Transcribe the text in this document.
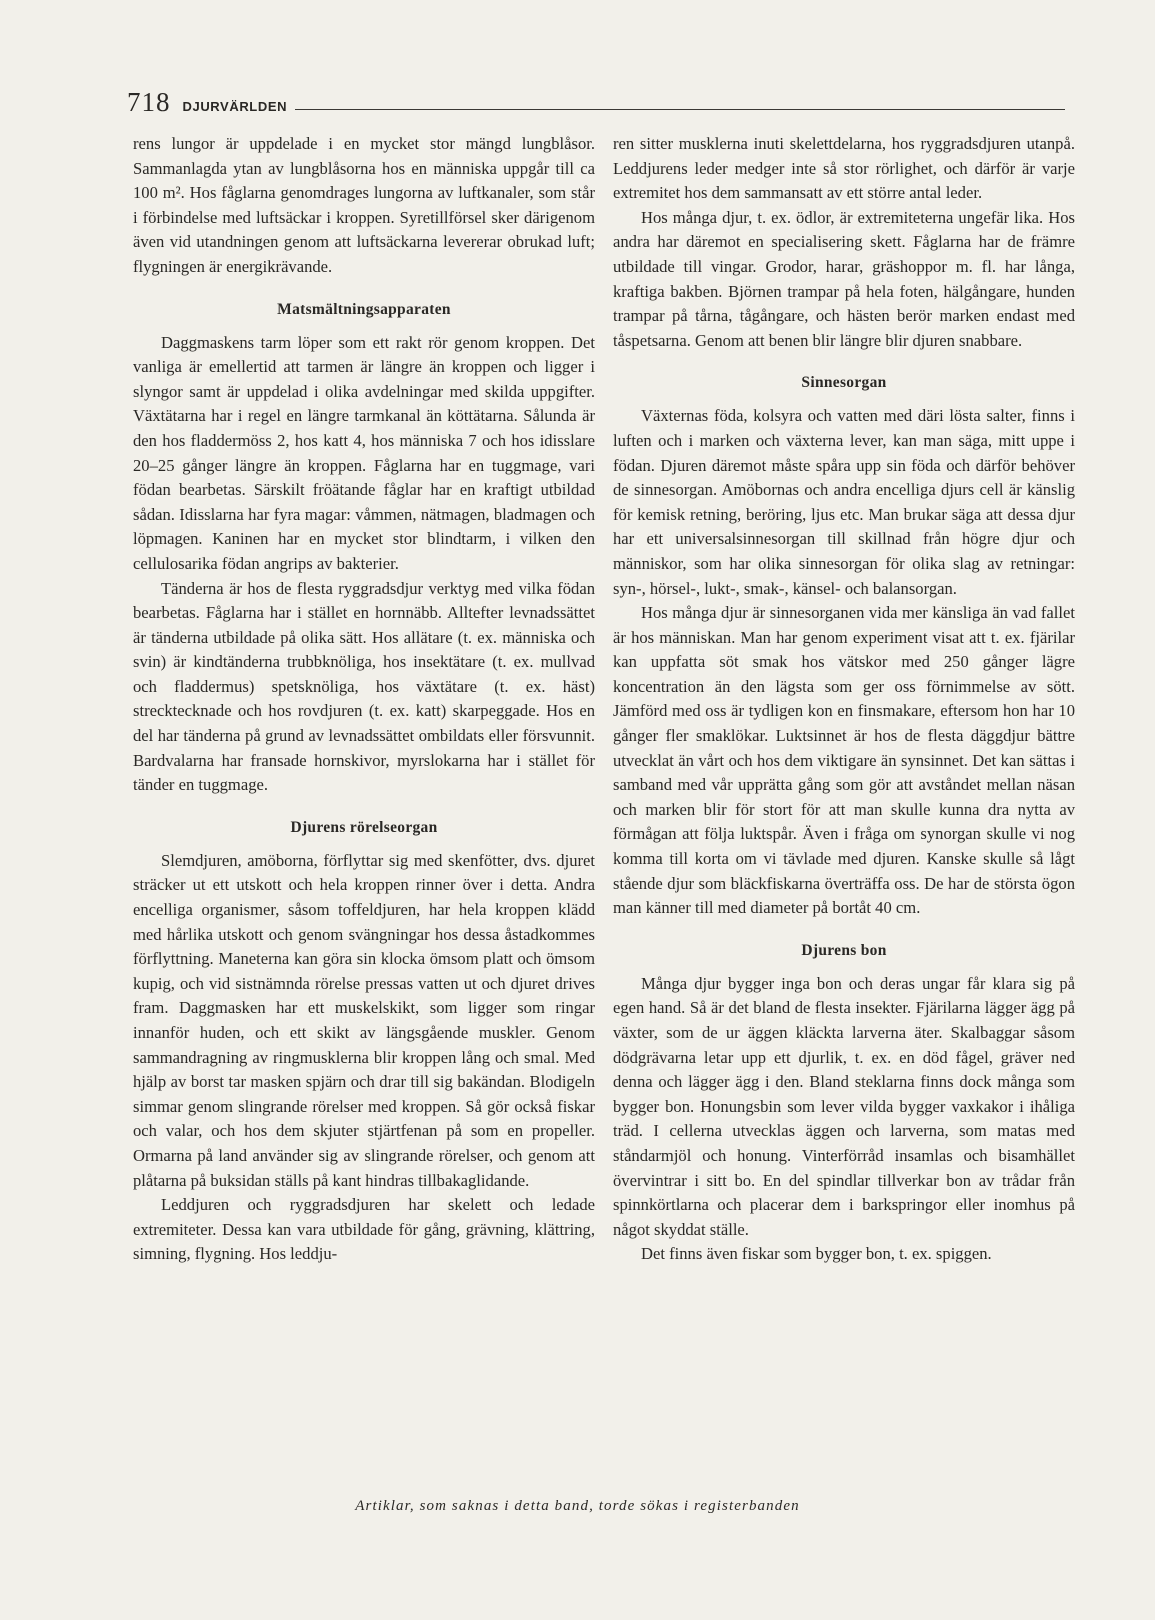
718 DJURVÄRLDEN

rens lungor är uppdelade i en mycket stor mängd lungblåsor. Sammanlagda ytan av lungblåsorna hos en människa uppgår till ca 100 m². Hos fåglarna genomdrages lungorna av luftkanaler, som står i förbindelse med luftsäckar i kroppen. Syretillförsel sker därigenom även vid utandningen genom att luftsäckarna levererar obrukad luft; flygningen är energikrävande.

Matsmältningsapparaten

Daggmaskens tarm löper som ett rakt rör genom kroppen. Det vanliga är emellertid att tarmen är längre än kroppen och ligger i slyngor samt är uppdelad i olika avdelningar med skilda uppgifter. Växtätarna har i regel en längre tarmkanal än köttätarna. Sålunda är den hos fladdermöss 2, hos katt 4, hos människa 7 och hos idisslare 20–25 gånger längre än kroppen. Fåglarna har en tuggmage, vari födan bearbetas. Särskilt fröätande fåglar har en kraftigt utbildad sådan. Idisslarna har fyra magar: våmmen, nätmagen, bladmagen och löpmagen. Kaninen har en mycket stor blindtarm, i vilken den cellulosarika födan angrips av bakterier.

Tänderna är hos de flesta ryggradsdjur verktyg med vilka födan bearbetas. Fåglarna har i stället en hornnäbb. Alltefter levnadssättet är tänderna utbildade på olika sätt. Hos allätare (t. ex. människa och svin) är kindtänderna trubbknöliga, hos insektätare (t. ex. mullvad och fladdermus) spetsknöliga, hos växtätare (t. ex. häst) strecktecknade och hos rovdjuren (t. ex. katt) skarpeggade. Hos en del har tänderna på grund av levnadssättet ombildats eller försvunnit. Bardvalarna har fransade hornskivor, myrslokarna har i stället för tänder en tuggmage.

Djurens rörelseorgan

Slemdjuren, amöborna, förflyttar sig med skenfötter, dvs. djuret sträcker ut ett utskott och hela kroppen rinner över i detta. Andra encelliga organismer, såsom toffeldjuren, har hela kroppen klädd med hårlika utskott och genom svängningar hos dessa åstadkommes förflyttning. Maneterna kan göra sin klocka ömsom platt och ömsom kupig, och vid sistnämnda rörelse pressas vatten ut och djuret drives fram. Daggmasken har ett muskelskikt, som ligger som ringar innanför huden, och ett skikt av längsgående muskler. Genom sammandragning av ringmusklerna blir kroppen lång och smal. Med hjälp av borst tar masken spjärn och drar till sig bakändan. Blodigeln simmar genom slingrande rörelser med kroppen. Så gör också fiskar och valar, och hos dem skjuter stjärtfenan på som en propeller. Ormarna på land använder sig av slingrande rörelser, och genom att plåtarna på buksidan ställs på kant hindras tillbakaglidande.

Leddjuren och ryggradsdjuren har skelett och ledade extremiteter. Dessa kan vara utbildade för gång, grävning, klättring, simning, flygning. Hos leddju-

ren sitter musklerna inuti skelettdelarna, hos ryggradsdjuren utanpå. Leddjurens leder medger inte så stor rörlighet, och därför är varje extremitet hos dem sammansatt av ett större antal leder.

Hos många djur, t. ex. ödlor, är extremiteterna ungefär lika. Hos andra har däremot en specialisering skett. Fåglarna har de främre utbildade till vingar. Grodor, harar, gräshoppor m. fl. har långa, kraftiga bakben. Björnen trampar på hela foten, hälgångare, hunden trampar på tårna, tågångare, och hästen berör marken endast med tåspetsarna. Genom att benen blir längre blir djuren snabbare.

Sinnesorgan

Växternas föda, kolsyra och vatten med däri lösta salter, finns i luften och i marken och växterna lever, kan man säga, mitt uppe i födan. Djuren däremot måste spåra upp sin föda och därför behöver de sinnesorgan. Amöbornas och andra encelliga djurs cell är känslig för kemisk retning, beröring, ljus etc. Man brukar säga att dessa djur har ett universalsinnesorgan till skillnad från högre djur och människor, som har olika sinnesorgan för olika slag av retningar: syn-, hörsel-, lukt-, smak-, känsel- och balansorgan.

Hos många djur är sinnesorganen vida mer känsliga än vad fallet är hos människan. Man har genom experiment visat att t. ex. fjärilar kan uppfatta söt smak hos vätskor med 250 gånger lägre koncentration än den lägsta som ger oss förnimmelse av sött. Jämförd med oss är tydligen kon en finsmakare, eftersom hon har 10 gånger fler smaklökar. Luktsinnet är hos de flesta däggdjur bättre utvecklat än vårt och hos dem viktigare än synsinnet. Det kan sättas i samband med vår upprätta gång som gör att avståndet mellan näsan och marken blir för stort för att man skulle kunna dra nytta av förmågan att följa luktspår. Även i fråga om synorgan skulle vi nog komma till korta om vi tävlade med djuren. Kanske skulle så lågt stående djur som bläckfiskarna överträffa oss. De har de största ögon man känner till med diameter på bortåt 40 cm.

Djurens bon

Många djur bygger inga bon och deras ungar får klara sig på egen hand. Så är det bland de flesta insekter. Fjärilarna lägger ägg på växter, som de ur äggen kläckta larverna äter. Skalbaggar såsom dödgrävarna letar upp ett djurlik, t. ex. en död fågel, gräver ned denna och lägger ägg i den. Bland steklarna finns dock många som bygger bon. Honungsbin som lever vilda bygger vaxkakor i ihåliga träd. I cellerna utvecklas äggen och larverna, som matas med ståndarmjöl och honung. Vinterförråd insamlas och bisamhället övervintrar i sitt bo. En del spindlar tillverkar bon av trådar från spinnkörtlarna och placerar dem i barkspringor eller inomhus på något skyddat ställe.

Det finns även fiskar som bygger bon, t. ex. spiggen.

Artiklar, som saknas i detta band, torde sökas i registerbanden
